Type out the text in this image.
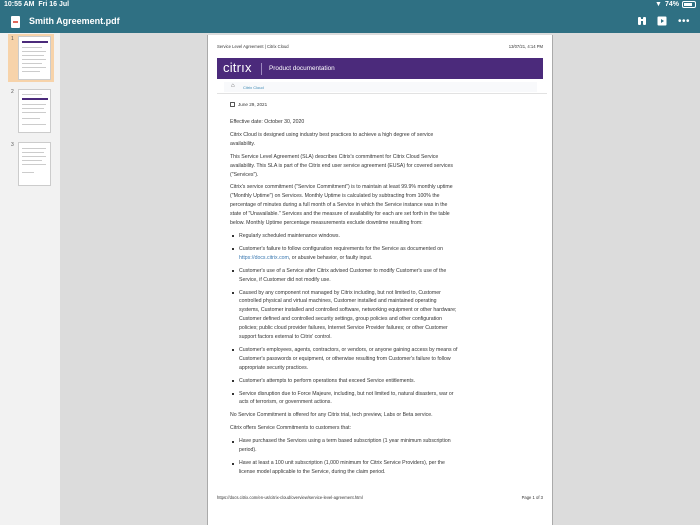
10:55 AM Fri 16 Jul	▼ 74%
Smith Agreement.pdf	•••
1
2
3
Service Level Agreement | Citrix Cloud	13/07/21, 4:14 PM
citrıx	Product documentation
⌂ Citrix Cloud
June 29, 2021

Effective date: October 30, 2020

Citrix Cloud is designed using industry best practices to achieve a high degree of service availability.

This Service Level Agreement (SLA) describes Citrix's commitment for Citrix Cloud Service availability. This SLA is part of the Citrix end user service agreement (EUSA) for covered services ("Services").

Citrix's service commitment ("Service Commitment") is to maintain at least 99.9% monthly uptime ("Monthly Uptime") on Services. Monthly Uptime is calculated by subtracting from 100% the percentage of minutes during a full month of a Service in which the Service instance was in the state of "Unavailable." Services and the measure of availability for each are set forth in the table below. Monthly Uptime percentage measurements exclude downtime resulting from:

Regularly scheduled maintenance windows.
Customer's failure to follow configuration requirements for the Service as documented on https://docs.citrix.com, or abusive behavior, or faulty input.
Customer's use of a Service after Citrix advised Customer to modify Customer's use of the Service, if Customer did not modify use.
Caused by any component not managed by Citrix including, but not limited to, Customer controlled physical and virtual machines, Customer installed and maintained operating systems, Customer installed and controlled software, networking equipment or other hardware; Customer defined and controlled security settings, group policies and other configuration policies; public cloud provider failures, Internet Service Provider failures; or other Customer support factors external to Citrix' control.
Customer's employees, agents, contractors, or vendors, or anyone gaining access by means of Customer's passwords or equipment, or otherwise resulting from Customer's failure to follow appropriate security practices.
Customer's attempts to perform operations that exceed Service entitlements.
Service disruption due to Force Majeure, including, but not limited to, natural disasters, war or acts of terrorism, or government actions.

No Service Commitment is offered for any Citrix trial, tech preview, Labs or Beta service.

Citrix offers Service Commitments to customers that:

Have purchased the Services using a term based subscription (1 year minimum subscription period).
Have at least a 100 unit subscription (1,000 minimum for Citrix Service Providers), per the license model applicable to the Service, during the claim period.
https://docs.citrix.com/en-us/citrix-cloud/overview/service-level-agreement.html	Page 1 of 3
